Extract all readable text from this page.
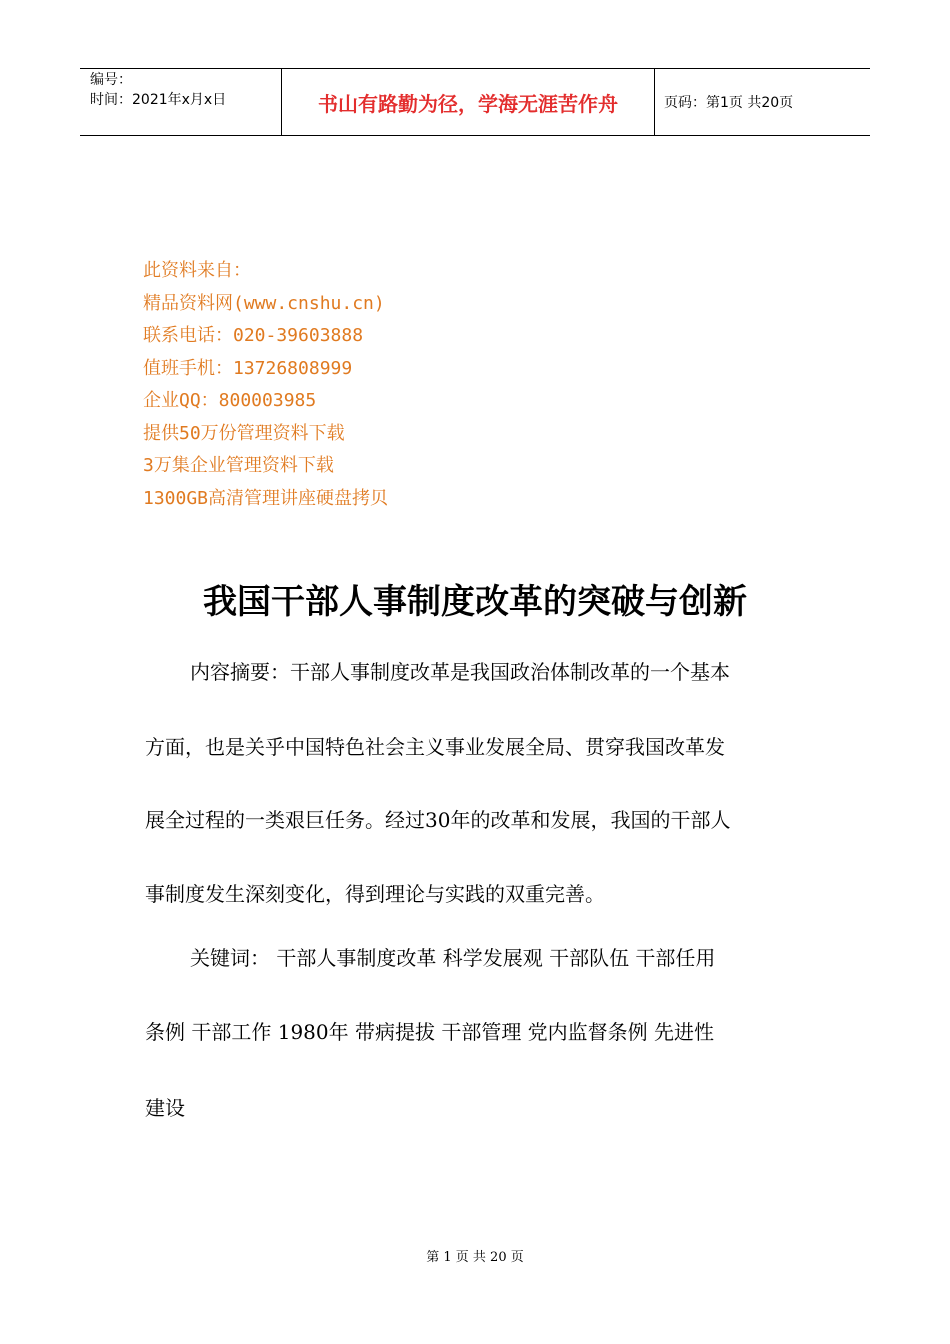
编号：
时间：2021年x月x日	书山有路勤为径，学海无涯苦作舟	页码：第1页 共20页
此资料来自：
精品资料网(www.cnshu.cn)
联系电话：020-39603888
值班手机：13726808999
企业QQ：800003985
提供50万份管理资料下载
3万集企业管理资料下载
1300GB高清管理讲座硬盘拷贝
我国干部人事制度改革的突破与创新
内容摘要：干部人事制度改革是我国政治体制改革的一个基本
方面，也是关乎中国特色社会主义事业发展全局、贯穿我国改革发
展全过程的一类艰巨任务。经过30年的改革和发展，我国的干部人
事制度发生深刻变化，得到理论与实践的双重完善。
关键词： 干部人事制度改革 科学发展观 干部队伍 干部任用
条例 干部工作 1980年 带病提拔 干部管理 党内监督条例 先进性
建设
第 1 页 共 20 页
